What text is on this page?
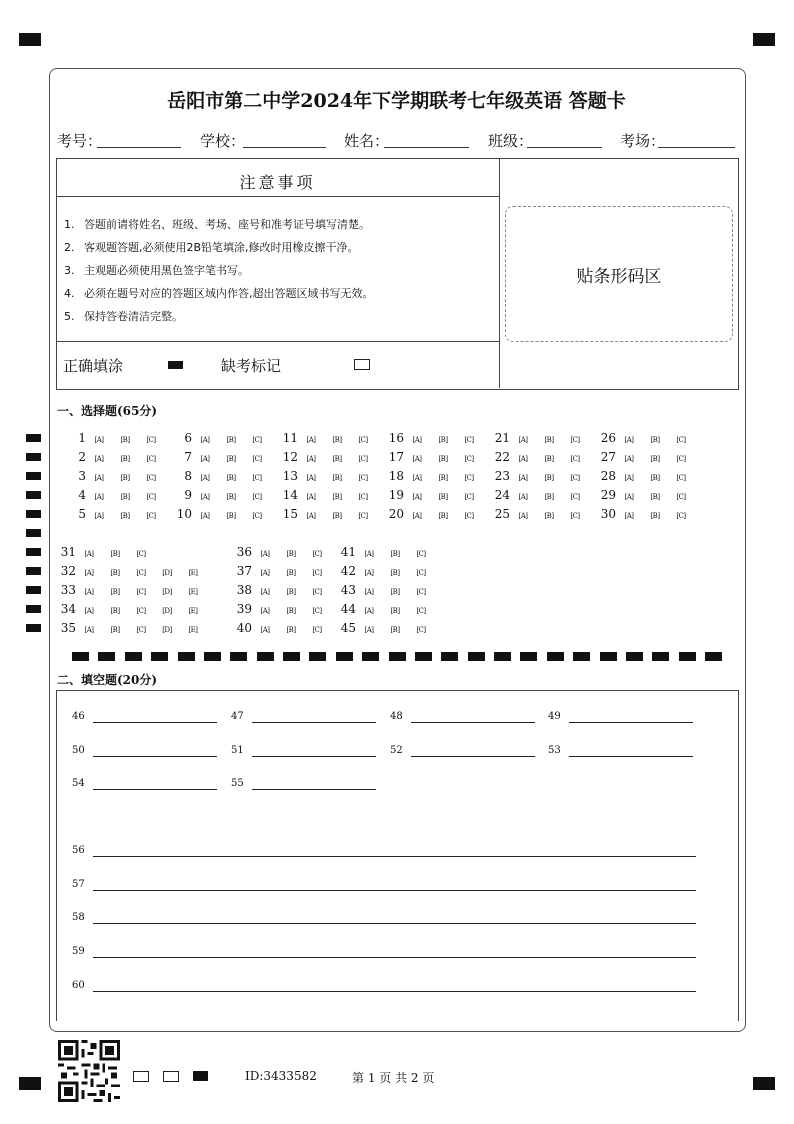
岳阳市第二中学2024年下学期联考七年级英语 答题卡
考号：	学校：	姓名：	班级：	考场：
注意事项
1. 答题前请将姓名、班级、考场、座号和准考证号填写清楚。
2. 客观题答题,必须使用2B铅笔填涂,修改时用橡皮擦干净。
3. 主观题必须使用黑色签字笔书写。
4. 必须在题号对应的答题区域内作答,超出答题区域书写无效。
5. 保持答卷清洁完整。
贴条形码区
正确填涂	缺考标记
一、选择题(65分)
1 [A] [B] [C]
2 [A] [B] [C]
3 [A] [B] [C]
4 [A] [B] [C]
5 [A] [B] [C]
6 [A] [B] [C]
7 [A] [B] [C]
8 [A] [B] [C]
9 [A] [B] [C]
10 [A] [B] [C]
11 [A] [B] [C]
12 [A] [B] [C]
13 [A] [B] [C]
14 [A] [B] [C]
15 [A] [B] [C]
16 [A] [B] [C]
17 [A] [B] [C]
18 [A] [B] [C]
19 [A] [B] [C]
20 [A] [B] [C]
21 [A] [B] [C]
22 [A] [B] [C]
23 [A] [B] [C]
24 [A] [B] [C]
25 [A] [B] [C]
26 [A] [B] [C]
27 [A] [B] [C]
28 [A] [B] [C]
29 [A] [B] [C]
30 [A] [B] [C]
31 [A] [B] [C]
32 [A] [B] [C] [D] [E]
33 [A] [B] [C] [D] [E]
34 [A] [B] [C] [D] [E]
35 [A] [B] [C] [D] [E]
36 [A] [B] [C]
37 [A] [B] [C]
38 [A] [B] [C]
39 [A] [B] [C]
40 [A] [B] [C]
41 [A] [B] [C]
42 [A] [B] [C]
43 [A] [B] [C]
44 [A] [B] [C]
45 [A] [B] [C]
二、填空题(20分)
46	47	48	49
50	51	52	53
54	55
56
57
58
59
60
ID:3433582	第 1 页 共 2 页
